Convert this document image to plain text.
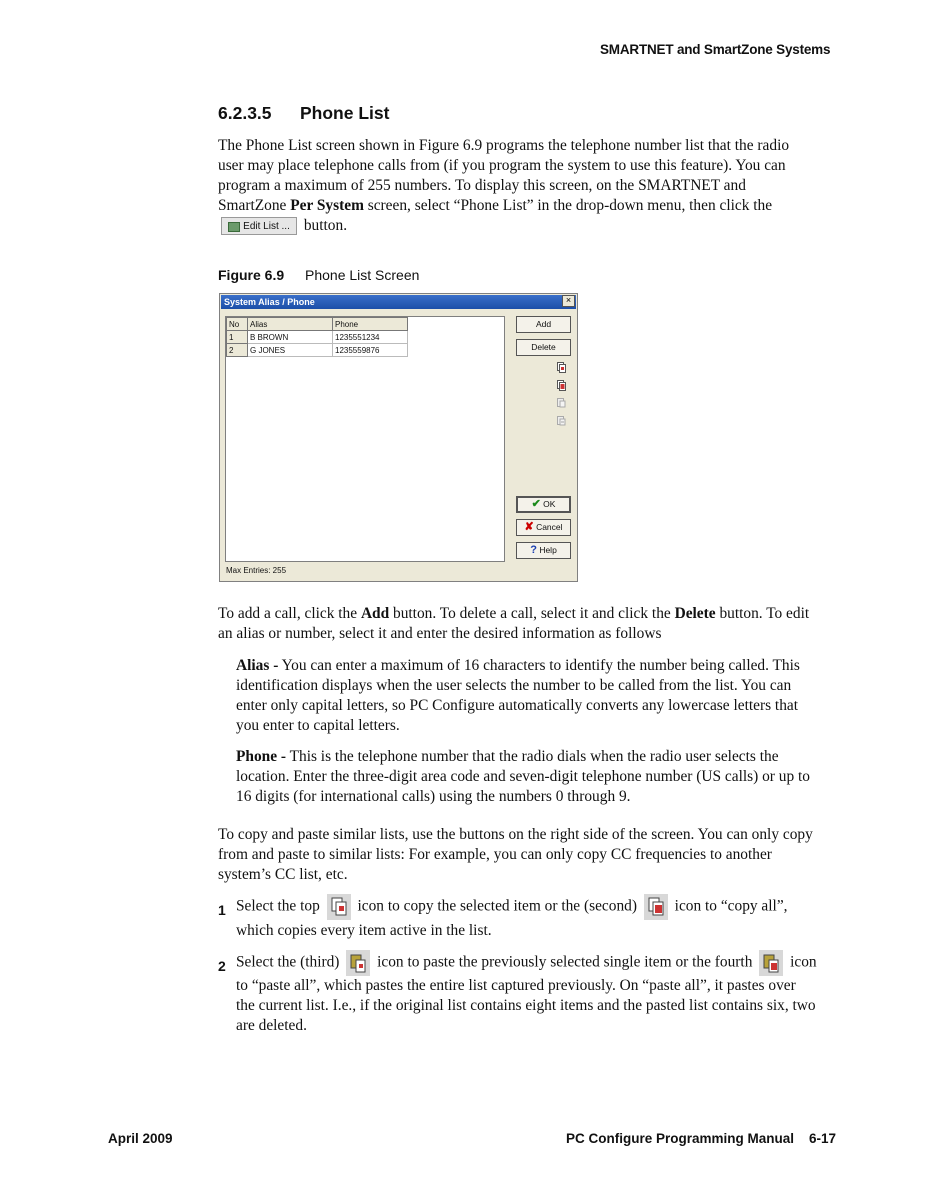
SMARTNET and SmartZone Systems
6.2.3.5 Phone List
The Phone List screen shown in Figure 6.9 programs the telephone number list that the radio user may place telephone calls from (if you program the system to use this feature). You can program a maximum of 255 numbers. To display this screen, on the SMARTNET and SmartZone Per System screen, select “Phone List” in the drop-down menu, then click the Edit List ... button.
Figure 6.9 Phone List Screen
System Alias / Phone	×
No	Alias	Phone
1	B BROWN	1235551234
2	G JONES	1235559876
Add
Delete
✔ OK
✘ Cancel
? Help
Max Entries: 255
To add a call, click the Add button. To delete a call, select it and click the Delete button. To edit an alias or number, select it and enter the desired information as follows
Alias - You can enter a maximum of 16 characters to identify the number being called. This identification displays when the user selects the number to be called from the list. You can enter only capital letters, so PC Configure automatically converts any lowercase letters that you enter to capital letters.
Phone - This is the telephone number that the radio dials when the radio user selects the location. Enter the three-digit area code and seven-digit telephone number (US calls) or up to 16 digits (for international calls) using the numbers 0 through 9.
To copy and paste similar lists, use the buttons on the right side of the screen. You can only copy from and paste to similar lists: For example, you can only copy CC frequencies to another system’s CC list, etc.
1 Select the top
icon to copy the selected item or the (second)
icon to “copy all”, which copies every item active in the list.
2 Select the (third)
icon to paste the previously selected single item or the fourth
icon to “paste all”, which pastes the entire list captured previously. On “paste all”, it pastes over the current list. I.e., if the original list contains eight items and the pasted list contains six, two are deleted.
April 2009	PC Configure Programming Manual    6-17
